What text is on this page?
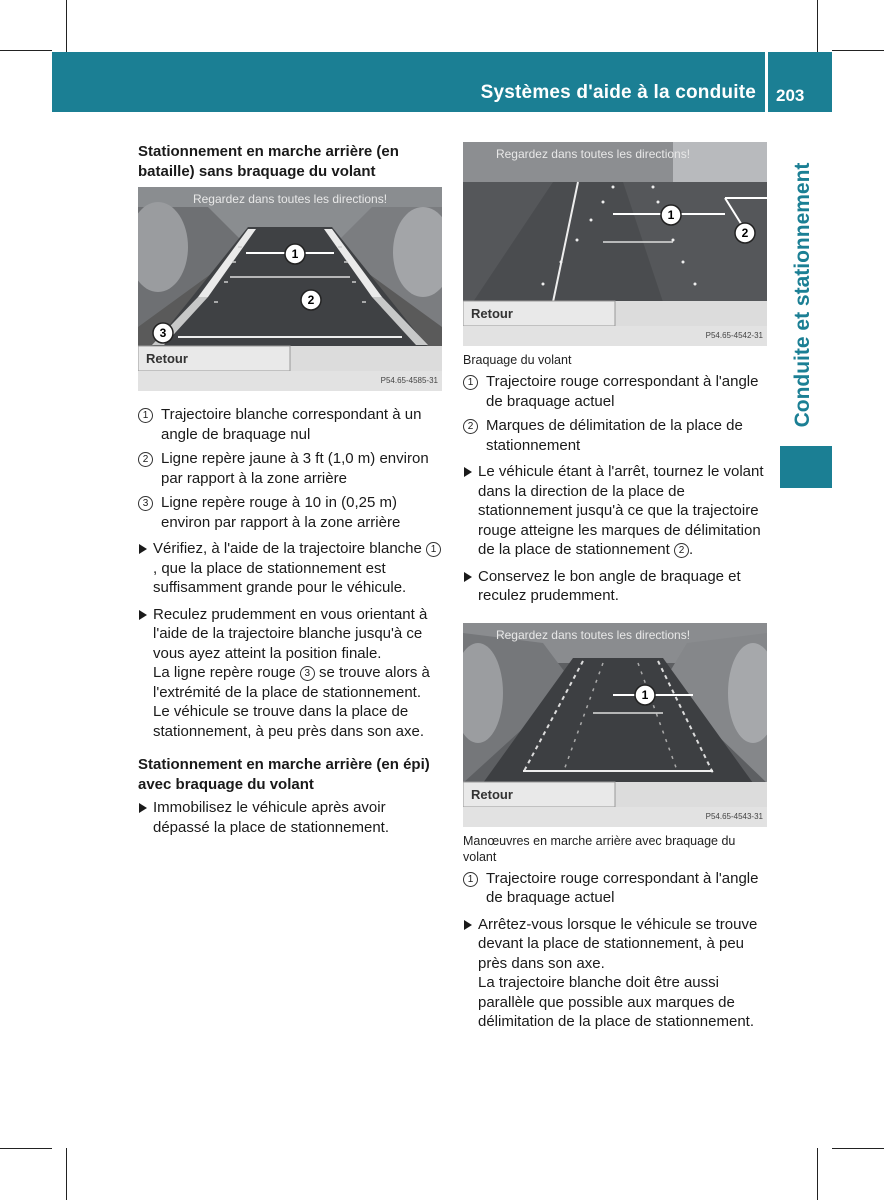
Systèmes d'aide à la conduite 203
Conduite et stationnement
Stationnement en marche arrière (en bataille) sans braquage du volant
Regardez dans toutes les directions!
1
2
3
Retour
P54.65-4585-31
1 Trajectoire blanche correspondant à un angle de braquage nul
2 Ligne repère jaune à 3 ft (1,0 m) environ par rapport à la zone arrière
3 Ligne repère rouge à 10 in (0,25 m) environ par rapport à la zone arrière
Vérifiez, à l'aide de la trajectoire blanche 1, que la place de stationnement est suffisamment grande pour le véhicule.
Reculez prudemment en vous orientant à l'aide de la trajectoire blanche jusqu'à ce vous ayez atteint la position finale.
La ligne repère rouge 3 se trouve alors à l'extrémité de la place de stationnement.
Le véhicule se trouve dans la place de stationnement, à peu près dans son axe.
Stationnement en marche arrière (en épi) avec braquage du volant
Immobilisez le véhicule après avoir dépassé la place de stationnement.
Regardez dans toutes les directions!
1
2
Retour
P54.65-4542-31
Braquage du volant
1 Trajectoire rouge correspondant à l'angle de braquage actuel
2 Marques de délimitation de la place de stationnement
Le véhicule étant à l'arrêt, tournez le volant dans la direction de la place de stationnement jusqu'à ce que la trajectoire rouge atteigne les marques de délimitation de la place de stationnement 2 .
Conservez le bon angle de braquage et reculez prudemment.
Regardez dans toutes les directions!
1
Retour
P54.65-4543-31
Manœuvres en marche arrière avec braquage du volant
1 Trajectoire rouge correspondant à l'angle de braquage actuel
Arrêtez-vous lorsque le véhicule se trouve devant la place de stationnement, à peu près dans son axe.
La trajectoire blanche doit être aussi parallèle que possible aux marques de délimitation de la place de stationnement.
